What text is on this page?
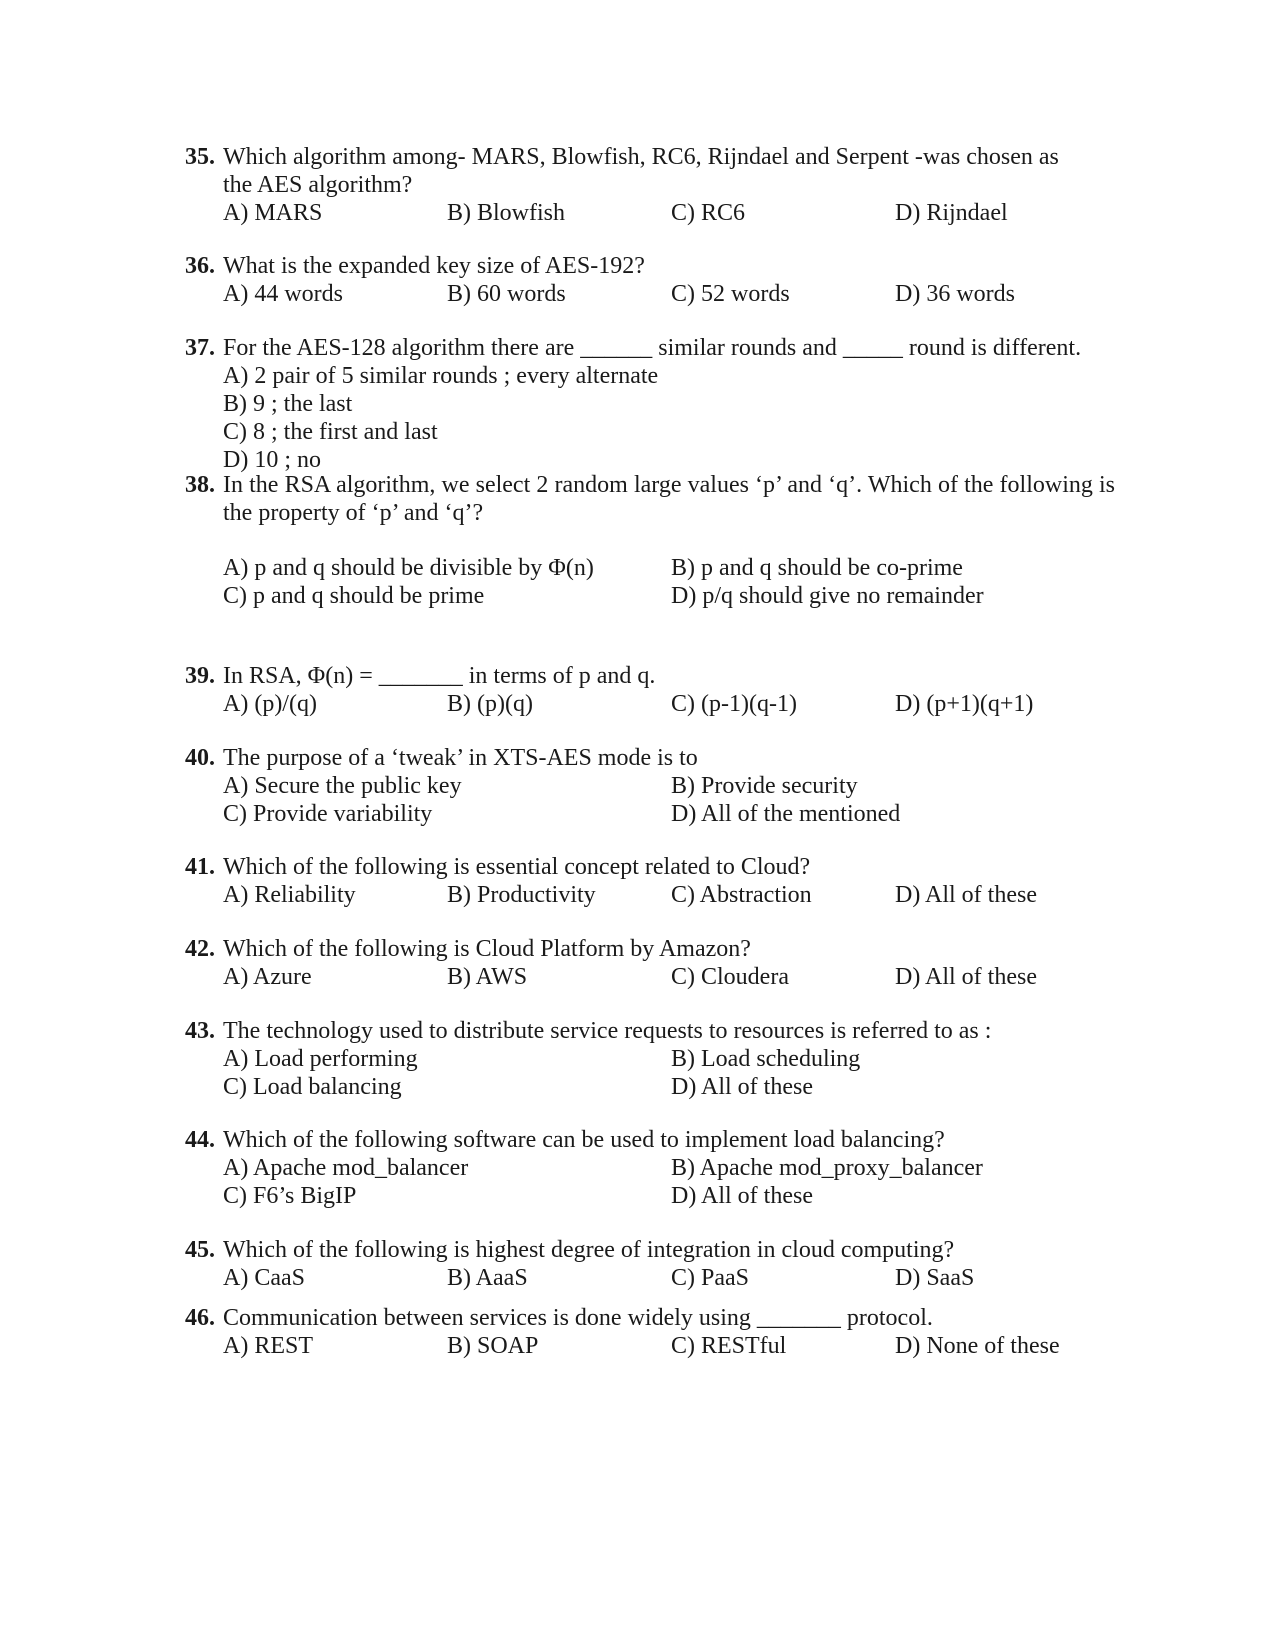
35. Which algorithm among- MARS, Blowfish, RC6, Rijndael and Serpent -was chosen as
the AES algorithm?
A) MARS	B) Blowfish	C) RC6	D) Rijndael
36. What is the expanded key size of AES-192?
A) 44 words	B) 60 words	C) 52 words	D) 36 words
37. For the AES-128 algorithm there are ______ similar rounds and _____ round is different.
A) 2 pair of 5 similar rounds ; every alternate
B) 9 ; the last
C) 8 ; the first and last
D) 10 ; no
38. In the RSA algorithm, we select 2 random large values ‘p’ and ‘q’. Which of the following is the property of ‘p’ and ‘q’?
A) p and q should be divisible by Φ(n)	B) p and q should be co-prime
C) p and q should be prime	D) p/q should give no remainder
39. In RSA, Φ(n) = _______ in terms of p and q.
A) (p)/(q)	B) (p)(q)	C) (p-1)(q-1)	D) (p+1)(q+1)
40. The purpose of a ‘tweak’ in XTS-AES mode is to
A) Secure the public key	B) Provide security
C) Provide variability	D) All of the mentioned
41. Which of the following is essential concept related to Cloud?
A) Reliability	B) Productivity	C) Abstraction	D) All of these
42. Which of the following is Cloud Platform by Amazon?
A) Azure	B) AWS	C) Cloudera	D) All of these
43. The technology used to distribute service requests to resources is referred to as :
A) Load performing	B) Load scheduling
C) Load balancing	D) All of these
44. Which of the following software can be used to implement load balancing?
A) Apache mod_balancer	B) Apache mod_proxy_balancer
C) F6’s BigIP	D) All of these
45. Which of the following is highest degree of integration in cloud computing?
A) CaaS	B) AaaS	C) PaaS	D) SaaS
46. Communication between services is done widely using _______ protocol.
A) REST	B) SOAP	C) RESTful	D) None of these
